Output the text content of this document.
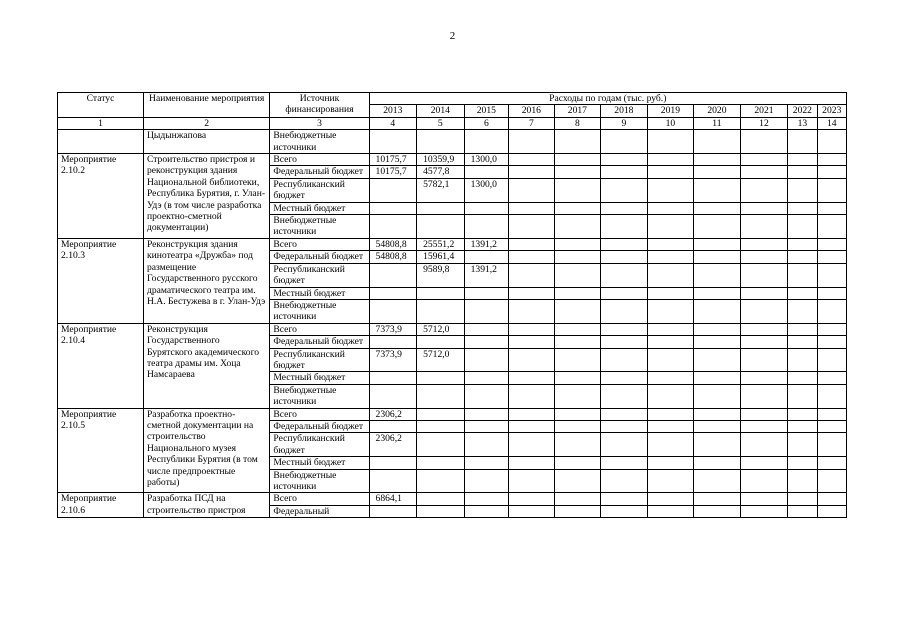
2
Статус	Наименование мероприятия	Источник финансирования	Расходы по годам (тыс. руб.)										
			2013	2014	2015	2016	2017	2018	2019	2020	2021	2022	2023
1	2	3	4	5	6	7	8	9	10	11	12	13	14
	Цыдынжапова	Внебюджетные источники											
Мероприятие 2.10.2	Строительство пристроя и реконструкция здания Национальной библиотеки, Республика Бурятия, г. Улан-Удэ (в том числе разработка проектно-сметной документации)	Всего	10175,7	10359,9	1300,0								
		Федеральный бюджет	10175,7	4577,8									
		Республиканский бюджет		5782,1	1300,0								
		Местный бюджет											
		Внебюджетные источники											
Мероприятие 2.10.3	Реконструкция здания кинотеатра «Дружба» под размещение Государственного русского драматического театра им. Н.А. Бестужева в г. Улан-Удэ	Всего	54808,8	25551,2	1391,2								
		Федеральный бюджет	54808,8	15961,4									
		Республиканский бюджет		9589,8	1391,2								
		Местный бюджет											
		Внебюджетные источники											
Мероприятие 2.10.4	Реконструкция Государственного Бурятского академического театра драмы им. Хоца Намсараева	Всего	7373,9	5712,0									
		Федеральный бюджет											
		Республиканский бюджет	7373,9	5712,0									
		Местный бюджет											
		Внебюджетные источники											
Мероприятие 2.10.5	Разработка проектно-сметной документации на строительство Национального музея Республики Бурятия (в том числе предпроектные работы)	Всего	2306,2										
		Федеральный бюджет											
		Республиканский бюджет	2306,2										
		Местный бюджет											
		Внебюджетные источники											
Мероприятие 2.10.6	Разработка ПСД на строительство пристроя	Всего	6864,1										
		Федеральный											
